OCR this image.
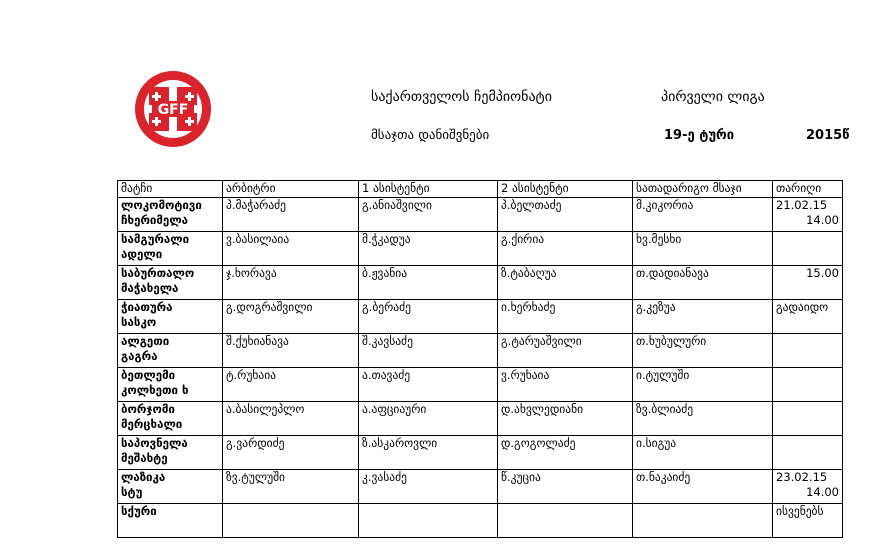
GFF
საქართველოს ჩემპიონატი	პირველი ლიგა
მსაჯთა დანიშვნები	19-ე ტური	2015წ
მატჩი	არბიტრი	1 ასისტენტი	2 ასისტენტი	სათადარიგო მსაჯი	თარიღი

ლოკომოტივი
ჩხერიმელა	პ.მაჭარაძე	გ.ანიაშვილი	პ.ბელთაძე	მ.კიკორია	21.02.15
14.00

სამგურალი
ადელი	ვ.ბასილაია	მ.ჭკადუა	გ.ქირია	ხვ.მესხი	

საბურთალო
მაჭახელა	ჯ.ხორავა	ბ.ჟვანია	ზ.ტაბაღუა	თ.დადიანავა	15.00

ჭიათურა
სასკო	გ.დოგრაშვილი	გ.ბერაძე	ი.ხერხაძე	გ.კეზუა	გადაიდო

ალგეთი
გაგრა	შ.ქუხიანავა	შ.კავსაძე	გ.ტარუაშვილი	თ.ხუბულური	

ბეთლემი
კოლხეთი ხ	ტ.რუხაია	ა.თავაძე	ვ.რუხაია	ი.ტულუში	

ბორჯომი
მერცხალი	ა.ბასილეპლო	ა.აფციაური	დ.ახვლედიანი	ზვ.ბლიაძე	

საპოვნელა
მეშახტე	გ.ვარდიძე	ზ.ასკაროვლი	დ.გოგოლაძე	ი.სიგუა	

ლაზიკა
სტუ	ზვ.ტულუში	კ.ვასაძე	წ.კუცია	თ.ნაკაიძე	23.02.15
14.00

სქური					ისვენებს
